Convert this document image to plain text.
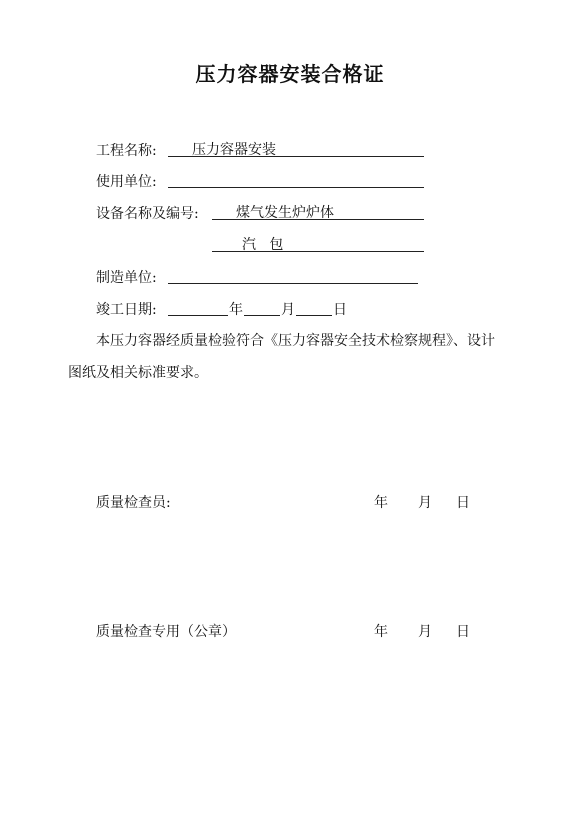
压力容器安装合格证
工程名称:	压力容器安装
使用单位:
设备名称及编号:	煤气发生炉炉体
汽   包
制造单位:
竣工日期:	年	月	日
本压力容器经质量检验符合《压力容器安全技术检察规程》、设计
图纸及相关标准要求。
质量检查员:	年 月 日
质量检查专用（公章）	年 月 日
